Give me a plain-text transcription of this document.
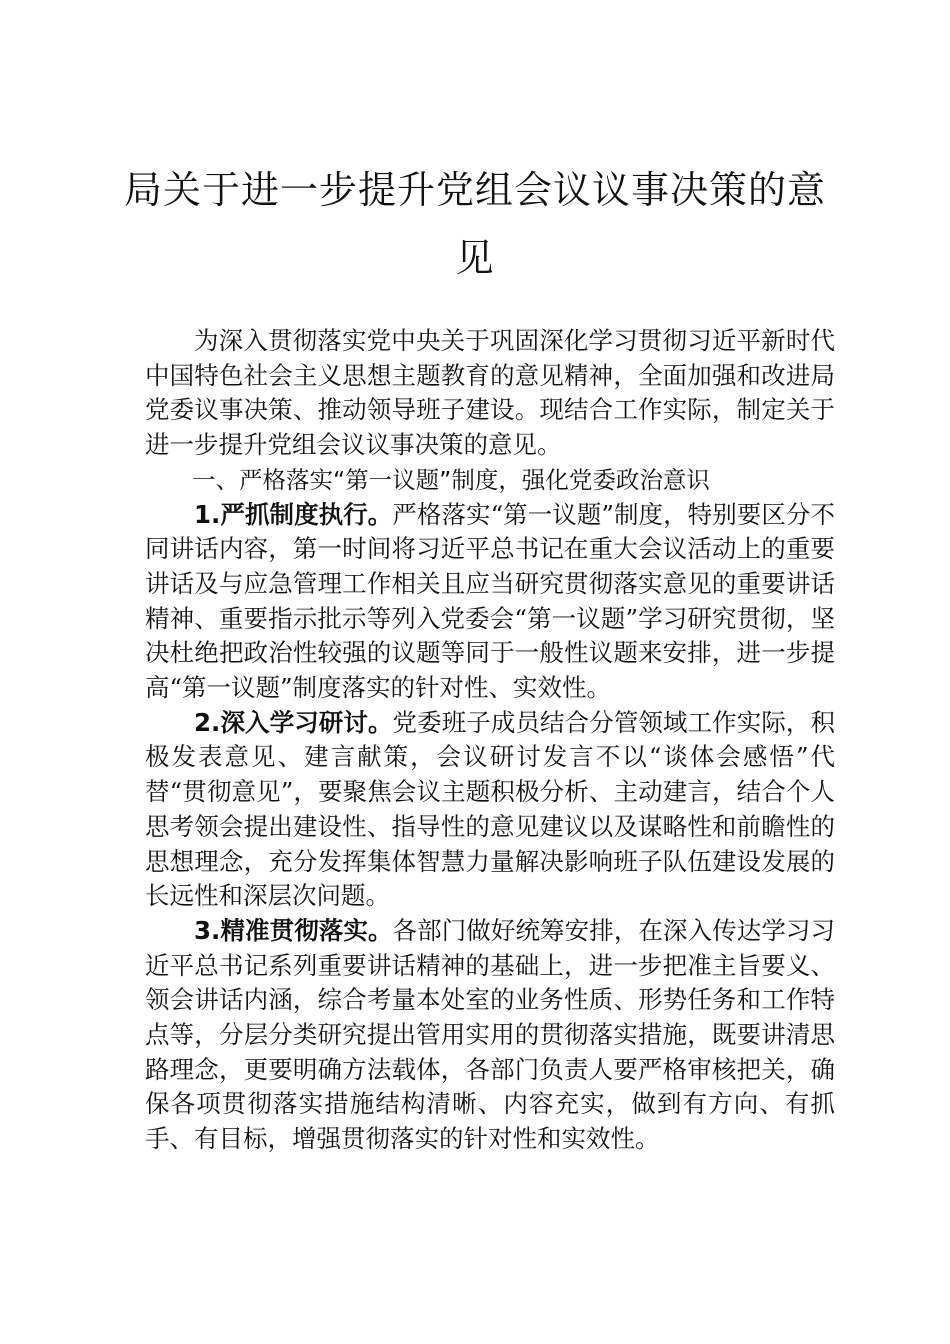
局关于进一步提升党组会议议事决策的意
见

为深入贯彻落实党中央关于巩固深化学习贯彻习近平新时代中国特色社会主义思想主题教育的意见精神，全面加强和改进局党委议事决策、推动领导班子建设。现结合工作实际，制定关于进一步提升党组会议议事决策的意见。

一、严格落实“第一议题”制度，强化党委政治意识

1.严抓制度执行。严格落实“第一议题”制度，特别要区分不同讲话内容，第一时间将习近平总书记在重大会议活动上的重要讲话及与应急管理工作相关且应当研究贯彻落实意见的重要讲话精神、重要指示批示等列入党委会“第一议题”学习研究贯彻，坚决杜绝把政治性较强的议题等同于一般性议题来安排，进一步提高“第一议题”制度落实的针对性、实效性。

2.深入学习研讨。党委班子成员结合分管领域工作实际，积极发表意见、建言献策，会议研讨发言不以“谈体会感悟”代替“贯彻意见”，要聚焦会议主题积极分析、主动建言，结合个人思考领会提出建设性、指导性的意见建议以及谋略性和前瞻性的思想理念，充分发挥集体智慧力量解决影响班子队伍建设发展的长远性和深层次问题。

3.精准贯彻落实。各部门做好统筹安排，在深入传达学习习近平总书记系列重要讲话精神的基础上，进一步把准主旨要义、领会讲话内涵，综合考量本处室的业务性质、形势任务和工作特点等，分层分类研究提出管用实用的贯彻落实措施，既要讲清思路理念，更要明确方法载体，各部门负责人要严格审核把关，确保各项贯彻落实措施结构清晰、内容充实，做到有方向、有抓手、有目标，增强贯彻落实的针对性和实效性。
